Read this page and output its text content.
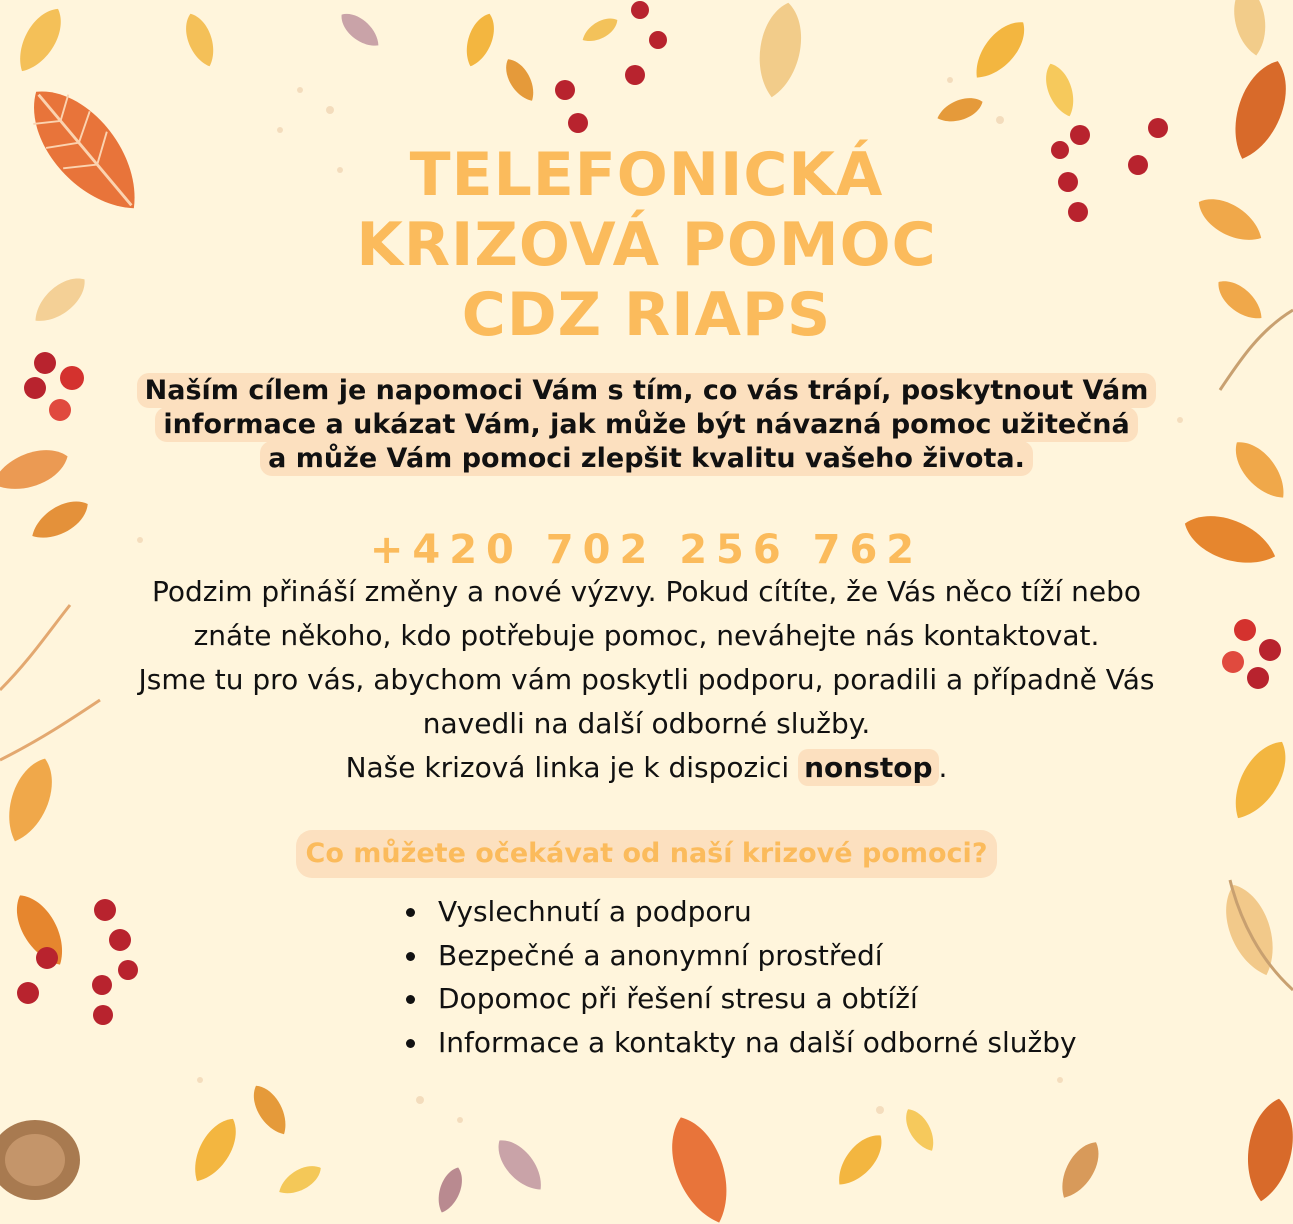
TELEFONICKÁ
KRIZOVÁ POMOC
CDZ RIAPS
Naším cílem je napomoci Vám s tím, co vás trápí, poskytnout Vám
informace a ukázat Vám, jak může být návazná pomoc užitečná
a může Vám pomoci zlepšit kvalitu vašeho života.
+420 702 256 762
Podzim přináší změny a nové výzvy. Pokud cítíte, že Vás něco tíží nebo
znáte někoho, kdo potřebuje pomoc, neváhejte nás kontaktovat.
Jsme tu pro vás, abychom vám poskytli podporu, poradili a případně Vás
navedli na další odborné služby.
Naše krizová linka je k dispozici nonstop .
Co můžete očekávat od naší krizové pomoci?
Vyslechnutí a podporu
Bezpečné a anonymní prostředí
Dopomoc při řešení stresu a obtíží
Informace a kontakty na další odborné služby
